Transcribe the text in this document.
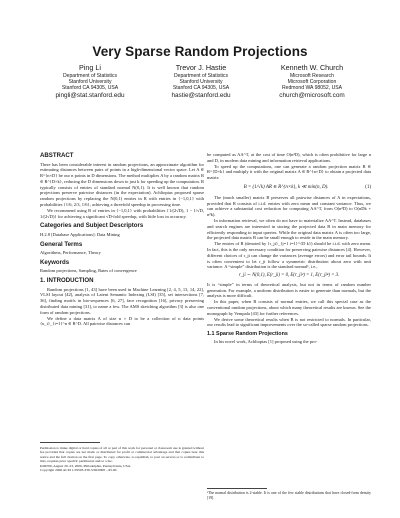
Very Sparse Random Projections
Ping Li
Department of Statistics
Stanford University
Stanford CA 94305, USA
pingli@stat.stanford.edu
Trevor J. Hastie
Department of Statistics
Stanford University
Stanford CA 94305, USA
hastie@stanford.edu
Kenneth W. Church
Microsoft Research
Microsoft Corporation
Redmond WA 98052, USA
church@microsoft.com
ABSTRACT

There has been considerable interest in random projections, an approximate algorithm for estimating distances between pairs of points in a high-dimensional vector space. Let A ∈ R^{n×D} be our n points in D dimensions. The method multiplies A by a random matrix R ∈ R^{D×k}, reducing the D dimensions down to just k for speeding up the computation. R typically consists of entries of standard normal N(0,1). It is well known that random projections preserve pairwise distances (in the expectation). Achlioptas proposed sparse random projections by replacing the N(0,1) entries in R with entries in {−1,0,1} with probabilities {1/6, 2/3, 1/6}, achieving a threefold speedup in processing time.

We recommend using R of entries in {−1,0,1} with probabilities {1/(2√D), 1 − 1/√D, 1/(2√D)} for achieving a significant √D-fold speedup, with little loss in accuracy.

Categories and Subject Descriptors

H.2.8 [Database Applications]: Data Mining

General Terms

Algorithms, Performance, Theory

Keywords

Random projections, Sampling, Rates of convergence

1. INTRODUCTION

Random projections [1, 43] have been used in Machine Learning [2, 4, 5, 13, 14, 22], VLSI layout [42], analysis of Latent Semantic Indexing (LSI) [35], set intersections [7, 36], finding motifs in bio-sequences [6, 27], face recognition [16], privacy preserving distributed data mining [31], to name a few. The AMS sketching algorithm [3] is also one form of random projections.

We define a data matrix A of size n × D to be a collection of n data points {u_i}_{i=1}^n ∈ R^D. All pairwise distances can

Permission to make digital or hard copies of all or part of this work for personal or classroom use is granted without fee provided that copies are not made or distributed for profit or commercial advantage and that copies bear this notice and the full citation on the first page. To copy otherwise, to republish, to post on servers or to redistribute to lists, requires prior specific permission and/or a fee.

KDD'06, August 20–23, 2006, Philadelphia, Pennsylvania, USA.

Copyright 2006 ACM 1-59593-339-5/06/0008 ...$5.00.

be computed as AA^T, at the cost of time O(n²D), which is often prohibitive for large n and D, in modern data mining and information retrieval applications.

To speed up the computations, one can generate a random projection matrix R ∈ R^{D×k} and multiply it with the original matrix A ∈ R^{n×D} to obtain a projected data matrix

B = (1/√k) AR ∈ R^{n×k}, k ≪ min(n, D).	(1)

The (much smaller) matrix B preserves all pairwise distances of A in expectations, provided that R consists of i.i.d. entries with zero mean and constant variance. Thus, we can achieve a substantial cost reduction for computing AA^T, from O(n²D) to O(nDk + n²k).

In information retrieval, we often do not have to materialize AA^T. Instead, databases and search engines are interested in storing the projected data B in main memory for efficiently responding to input queries. While the original data matrix A is often too large, the projected data matrix B can be small enough to reside in the main memory.

The entries of R (denoted by {r_ji}_{j=1 i=1}^{D k}) should be i.i.d. with zero mean. In fact, this is the only necessary condition for preserving pairwise distances [4]. However, different choices of r_ji can change the variances (average errors) and error tail bounds. It is often convenient to let r_ji follow a symmetric distribution about zero with unit variance. A “simple” distribution is the standard normal¹, i.e.,

r_ji ∼ N(0,1), E(r_ji) = 0, E(r_ji²) = 1, E(r_ji⁴) = 3.

It is “simple” in terms of theoretical analysis, but not in terms of random number generation. For example, a uniform distribution is easier to generate than normals, but the analysis is more difficult.

In this paper, when R consists of normal entries, we call this special case as the conventional random projections, about which many theoretical results are known. See the monograph by Vempala [43] for further references.

We derive some theoretical results when B is not restricted to normals. In particular, our results lead to significant improvements over the so-called sparse random projections.

1.1 Sparse Random Projections

In his novel work, Achlioptas [1] proposed using the pro-

¹The normal distribution is 2-stable. It is one of the few stable distributions that have closed-form density [19].
